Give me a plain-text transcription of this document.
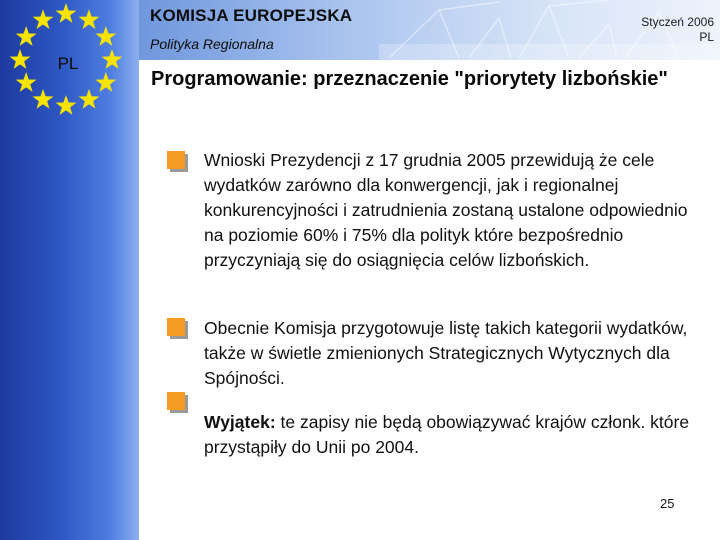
PL
KOMISJA EUROPEJSKA
Polityka Regionalna
Styczeń 2006
PL
Programowanie: przeznaczenie "priorytety lizbońskie"
Wnioski Prezydencji z 17 grudnia 2005 przewidują że cele wydatków zarówno dla konwergencji, jak i regionalnej konkurencyjności i zatrudnienia zostaną ustalone odpowiednio na poziomie 60% i 75% dla polityk które bezpośrednio przyczyniają się do osiągnięcia celów lizbońskich.
Obecnie Komisja przygotowuje listę takich kategorii wydatków, także w świetle zmienionych Strategicznych Wytycznych dla Spójności.
Wyjątek: te zapisy nie będą obowiązywać krajów członk. które przystąpiły do Unii po 2004.
25
